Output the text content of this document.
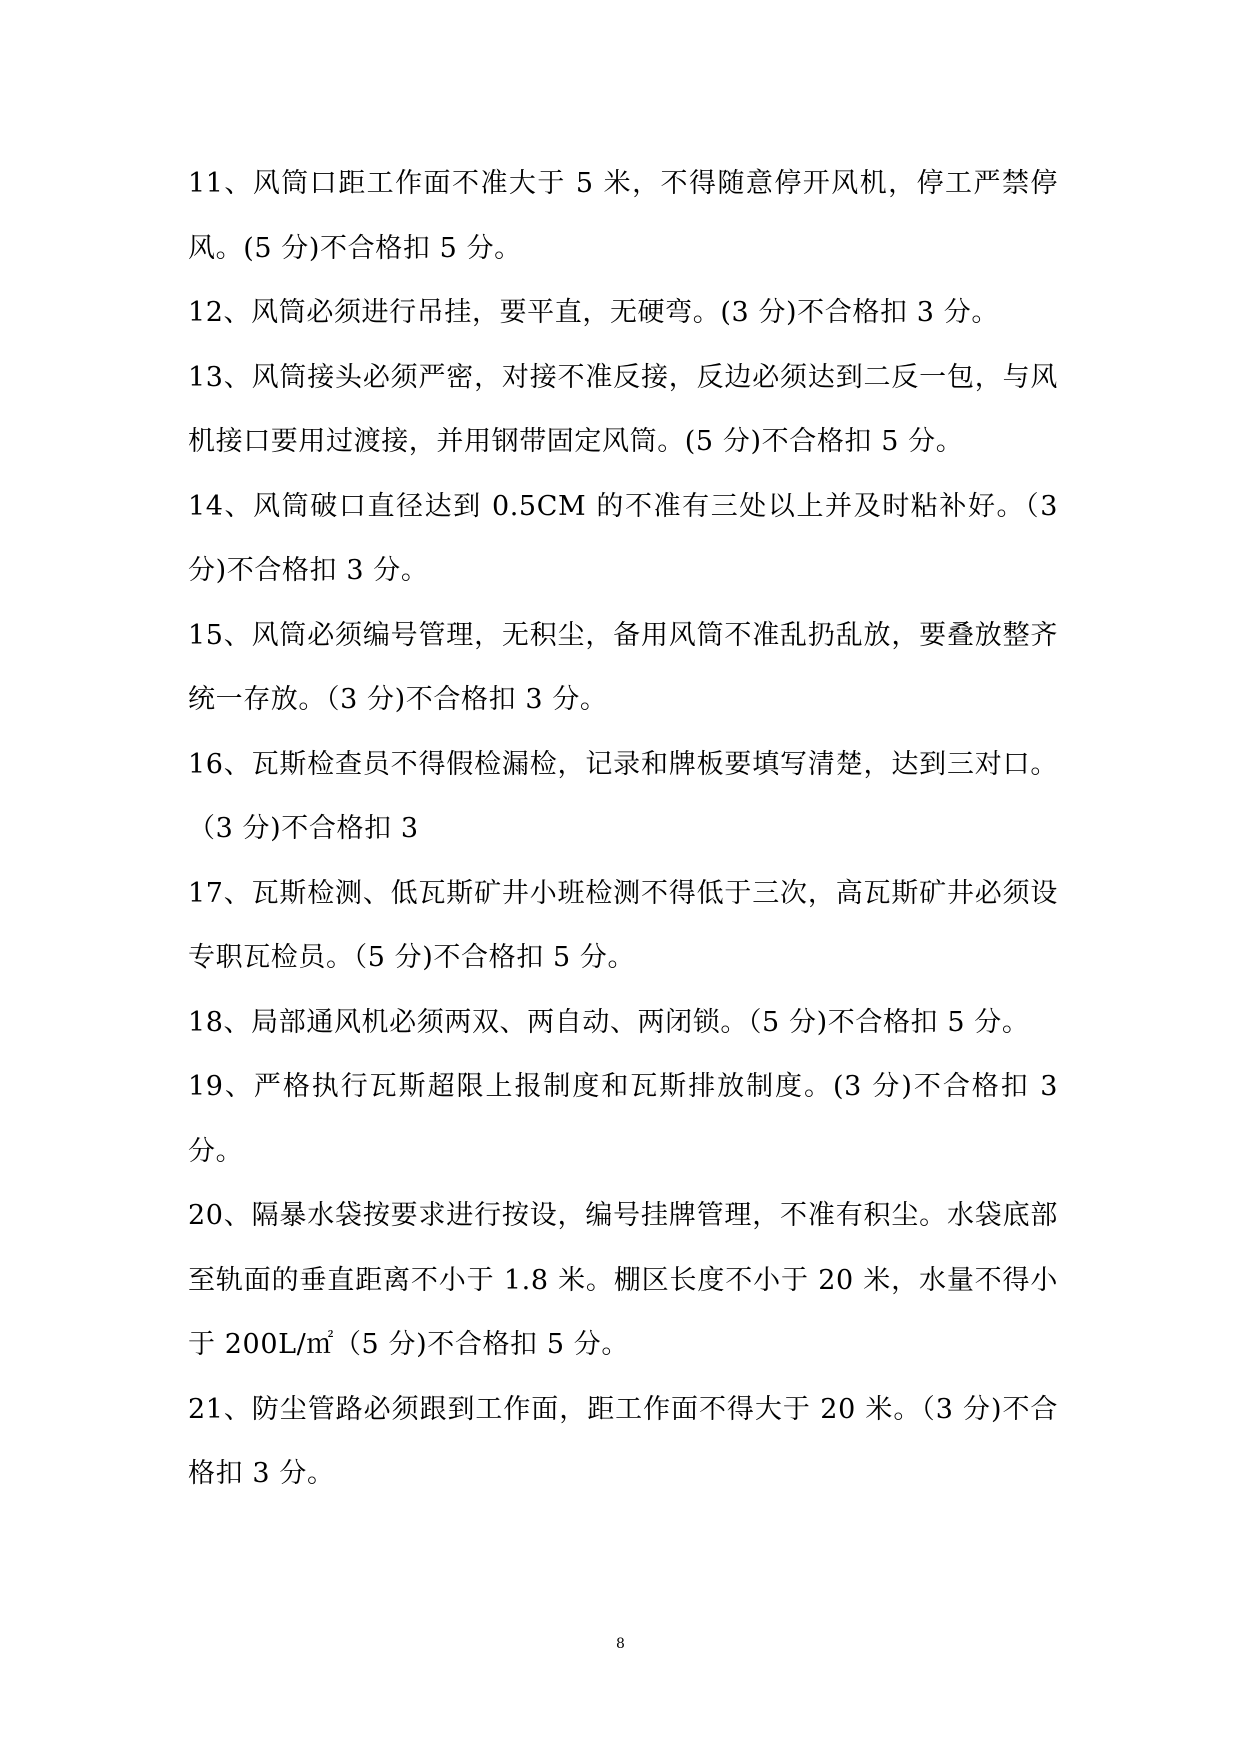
11、风筒口距工作面不准大于 5 米，不得随意停开风机，停工严禁停风。(5 分)不合格扣 5 分。

12、风筒必须进行吊挂，要平直，无硬弯。(3 分)不合格扣 3 分。

13、风筒接头必须严密，对接不准反接，反边必须达到二反一包，与风机接口要用过渡接，并用钢带固定风筒。(5 分)不合格扣 5 分。

14、风筒破口直径达到 0.5CM 的不准有三处以上并及时粘补好。（3 分)不合格扣 3 分。

15、风筒必须编号管理，无积尘，备用风筒不准乱扔乱放，要叠放整齐统一存放。（3 分)不合格扣 3 分。

16、瓦斯检查员不得假检漏检，记录和牌板要填写清楚，达到三对口。（3 分)不合格扣 3

17、瓦斯检测、低瓦斯矿井小班检测不得低于三次，高瓦斯矿井必须设专职瓦检员。（5 分)不合格扣 5 分。

18、局部通风机必须两双、两自动、两闭锁。（5 分)不合格扣 5 分。

19、严格执行瓦斯超限上报制度和瓦斯排放制度。(3 分)不合格扣 3 分。

20、隔暴水袋按要求进行按设，编号挂牌管理，不准有积尘。水袋底部至轨面的垂直距离不小于 1.8 米。棚区长度不小于 20 米，水量不得小于 200L/㎡（5 分)不合格扣 5 分。

21、防尘管路必须跟到工作面，距工作面不得大于 20 米。（3 分)不合格扣 3 分。

8
